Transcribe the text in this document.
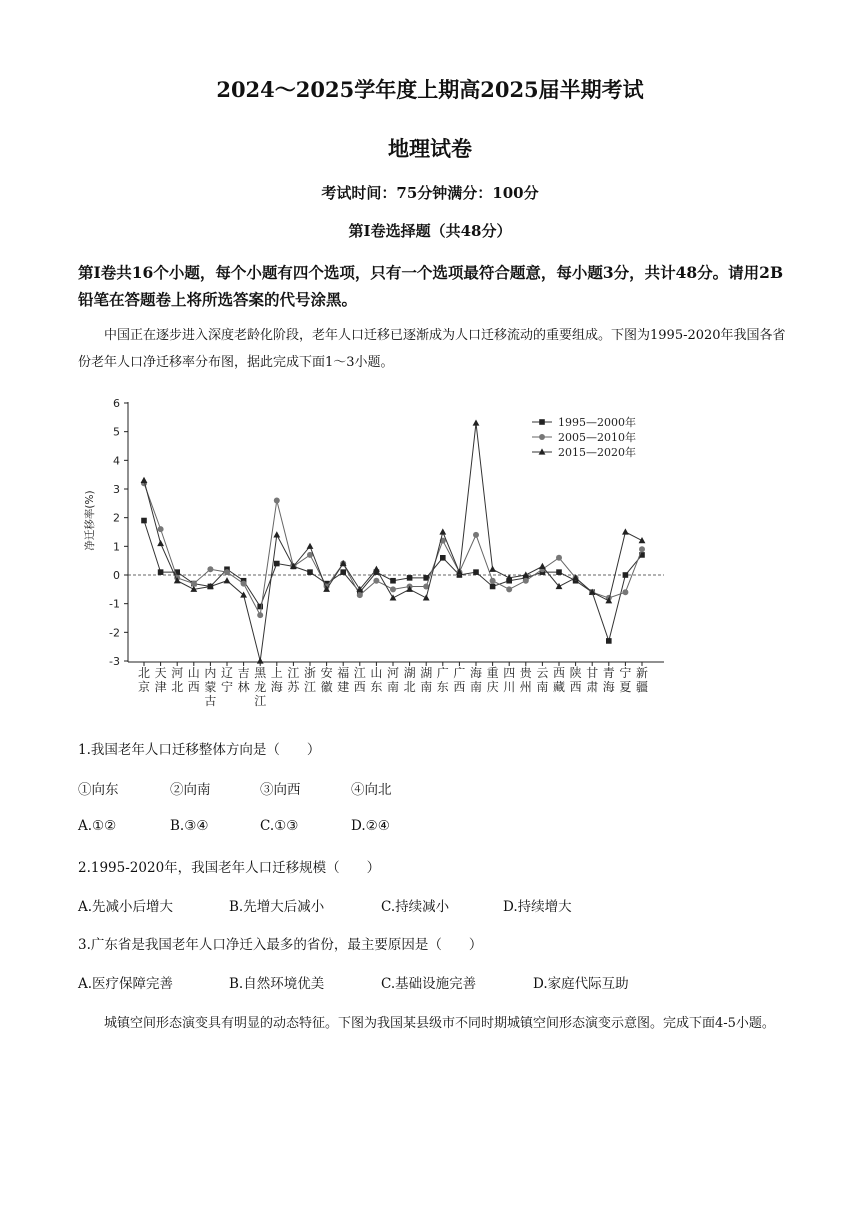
2024～2025学年度上期高2025届半期考试
地理试卷
考试时间：75分钟满分：100分
第Ⅰ卷选择题（共48分）
第Ⅰ卷共16个小题，每个小题有四个选项，只有一个选项最符合题意，每小题3分，共计48分。请用2B铅笔在答题卷上将所选答案的代号涂黑。
中国正在逐步进入深度老龄化阶段，老年人口迁移已逐渐成为人口迁移流动的重要组成。下图为1995-2020年我国各省份老年人口净迁移率分布图，据此完成下面1～3小题。
-3
-2
-1
0
1
2
3
4
5
6
净迁移率(%)
北京
天津
河北
山西
内蒙古
辽宁
吉林
黑龙江
上海
江苏
浙江
安徽
福建
江西
山东
河南
湖北
湖南
广东
广西
海南
重庆
四川
贵州
云南
西藏
陕西
甘肃
青海
宁夏
新疆
1995—2000年
2005—2010年
2015—2020年
1.我国老年人口迁移整体方向是（　　）
①向东	②向南	③向西	④向北
A.①②	B.③④	C.①③	D.②④
2.1995-2020年，我国老年人口迁移规模（　　）
A.先减小后增大	B.先增大后减小	C.持续减小	D.持续增大
3.广东省是我国老年人口净迁入最多的省份，最主要原因是（　　）
A.医疗保障完善	B.自然环境优美	C.基础设施完善	D.家庭代际互助
城镇空间形态演变具有明显的动态特征。下图为我国某县级市不同时期城镇空间形态演变示意图。完成下面4-5小题。
